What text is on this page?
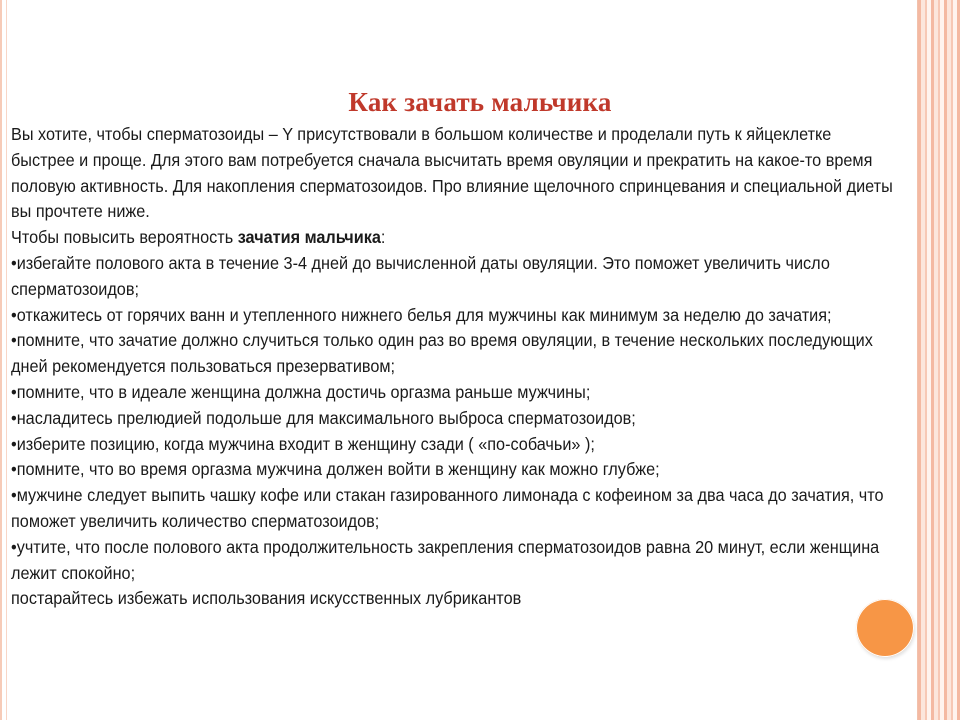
Как зачать мальчика

Вы хотите, чтобы сперматозоиды – Y присутствовали в большом количестве и проделали путь к яйцеклетке быстрее и проще. Для этого вам потребуется сначала высчитать время овуляции и прекратить на какое-то время половую активность. Для накопления сперматозоидов. Про влияние щелочного спринцевания и специальной диеты вы прочтете ниже.

Чтобы повысить вероятность зачатия мальчика:

•избегайте полового акта в течение 3-4 дней до вычисленной даты овуляции. Это поможет увеличить число сперматозоидов;

•откажитесь от горячих ванн и утепленного нижнего белья для мужчины как минимум за неделю до зачатия;

•помните, что зачатие должно случиться только один раз во время овуляции, в течение нескольких последующих дней рекомендуется пользоваться презервативом;

•помните, что в идеале женщина должна достичь оргазма раньше мужчины;

•насладитесь прелюдией подольше для максимального выброса сперматозоидов;

•изберите позицию, когда мужчина входит в женщину сзади ( «по-собачьи» );

•помните, что во время оргазма мужчина должен войти в женщину как можно глубже;

•мужчине следует выпить чашку кофе или стакан газированного лимонада с кофеином за два часа до зачатия, что поможет увеличить количество сперматозоидов;

•учтите, что после полового акта продолжительность закрепления сперматозоидов равна 20 минут, если женщина лежит спокойно;

постарайтесь избежать использования искусственных лубрикантов
